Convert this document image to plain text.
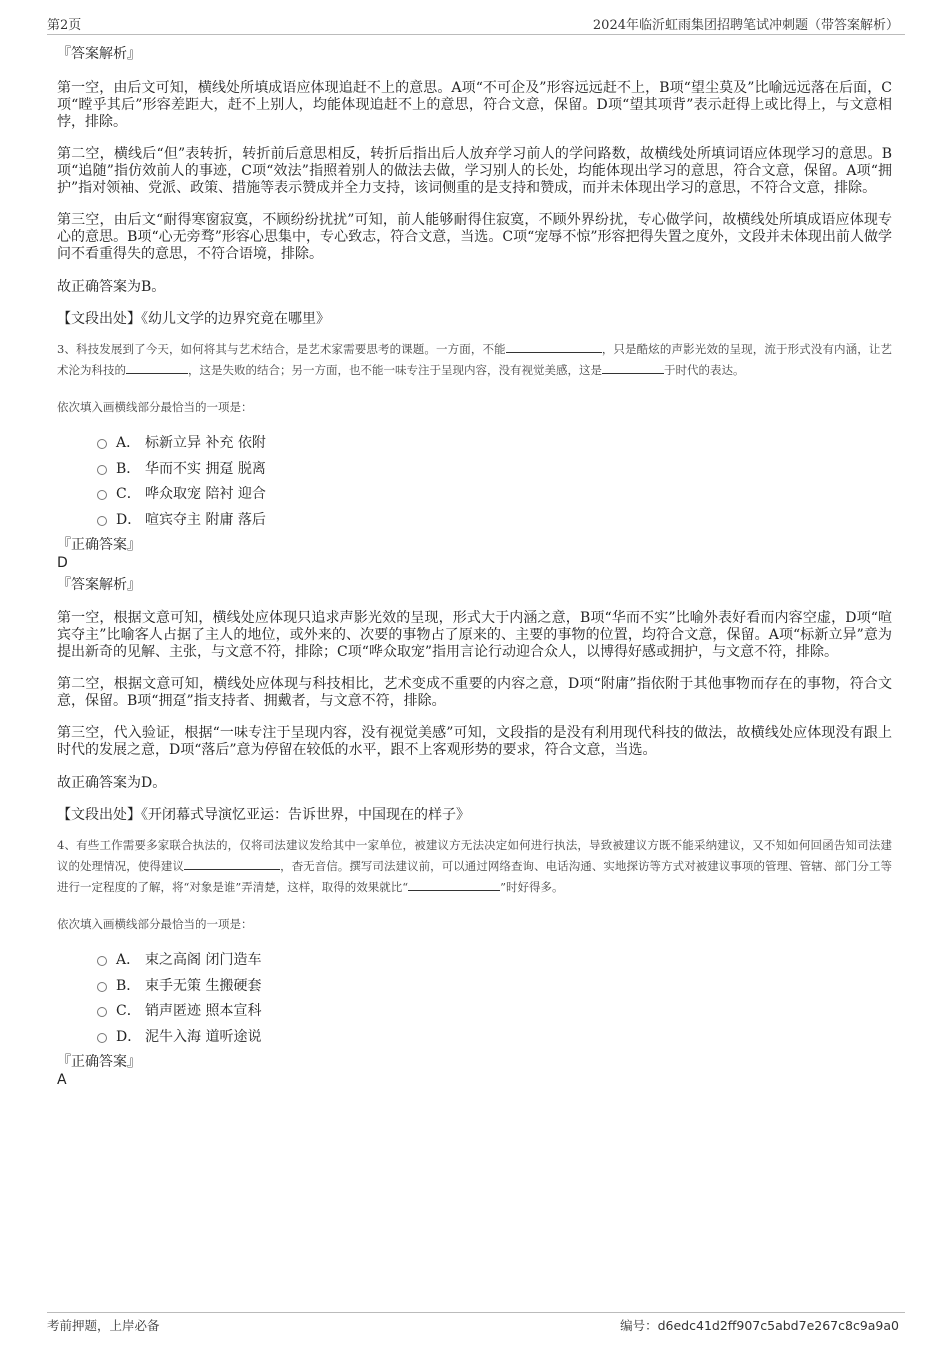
第2页	2024年临沂虹雨集团招聘笔试冲刺题（带答案解析）

『答案解析』

第一空，由后文可知，横线处所填成语应体现追赶不上的意思。A项“不可企及”形容远远赶不上，B项“望尘莫及”比喻远远落在后面，C项“瞠乎其后”形容差距大，赶不上别人，均能体现追赶不上的意思，符合文意，保留。D项“望其项背”表示赶得上或比得上，与文意相悖，排除。

第二空，横线后“但”表转折，转折前后意思相反，转折后指出后人放弃学习前人的学问路数，故横线处所填词语应体现学习的意思。B项“追随”指仿效前人的事迹，C项“效法”指照着别人的做法去做，学习别人的长处，均能体现出学习的意思，符合文意，保留。A项“拥护”指对领袖、党派、政策、措施等表示赞成并全力支持，该词侧重的是支持和赞成，而并未体现出学习的意思，不符合文意，排除。

第三空，由后文“耐得寒窗寂寞，不顾纷纷扰扰”可知，前人能够耐得住寂寞，不顾外界纷扰，专心做学问，故横线处所填成语应体现专心的意思。B项“心无旁骛”形容心思集中，专心致志，符合文意，当选。C项“宠辱不惊”形容把得失置之度外，文段并未体现出前人做学问不看重得失的意思，不符合语境，排除。

故正确答案为B。

【文段出处】《幼儿文学的边界究竟在哪里》

3、科技发展到了今天，如何将其与艺术结合，是艺术家需要思考的课题。一方面，不能	，只是酷炫的声影光效的呈现，流于形式没有内涵，让艺术沦为科技的	，这是失败的结合；另一方面，也不能一味专注于呈现内容，没有视觉美感，这是	于时代的表达。

依次填入画横线部分最恰当的一项是：

A． 标新立异 补充 依附
B． 华而不实 拥趸 脱离
C． 哗众取宠 陪衬 迎合
D． 喧宾夺主 附庸 落后

『正确答案』

D

『答案解析』

第一空，根据文意可知，横线处应体现只追求声影光效的呈现，形式大于内涵之意，B项“华而不实”比喻外表好看而内容空虚，D项“喧宾夺主”比喻客人占据了主人的地位，或外来的、次要的事物占了原来的、主要的事物的位置，均符合文意，保留。A项“标新立异”意为提出新奇的见解、主张，与文意不符，排除；C项“哗众取宠”指用言论行动迎合众人，以博得好感或拥护，与文意不符，排除。

第二空，根据文意可知，横线处应体现与科技相比，艺术变成不重要的内容之意，D项“附庸”指依附于其他事物而存在的事物，符合文意，保留。B项“拥趸”指支持者、拥戴者，与文意不符，排除。

第三空，代入验证，根据“一味专注于呈现内容，没有视觉美感”可知，文段指的是没有利用现代科技的做法，故横线处应体现没有跟上时代的发展之意，D项“落后”意为停留在较低的水平，跟不上客观形势的要求，符合文意，当选。

故正确答案为D。

【文段出处】《开闭幕式导演忆亚运：告诉世界，中国现在的样子》

4、有些工作需要多家联合执法的，仅将司法建议发给其中一家单位，被建议方无法决定如何进行执法，导致被建议方既不能采纳建议，又不知如何回函告知司法建议的处理情况，使得建议	，杳无音信。撰写司法建议前，可以通过网络查询、电话沟通、实地探访等方式对被建议事项的管理、管辖、部门分工等进行一定程度的了解，将“对象是谁”弄清楚，这样，取得的效果就比“	”时好得多。

依次填入画横线部分最恰当的一项是：

A． 束之高阁 闭门造车
B． 束手无策 生搬硬套
C． 销声匿迹 照本宣科
D． 泥牛入海 道听途说

『正确答案』

A

考前押题，上岸必备	编号：d6edc41d2ff907c5abd7e267c8c9a9a0
